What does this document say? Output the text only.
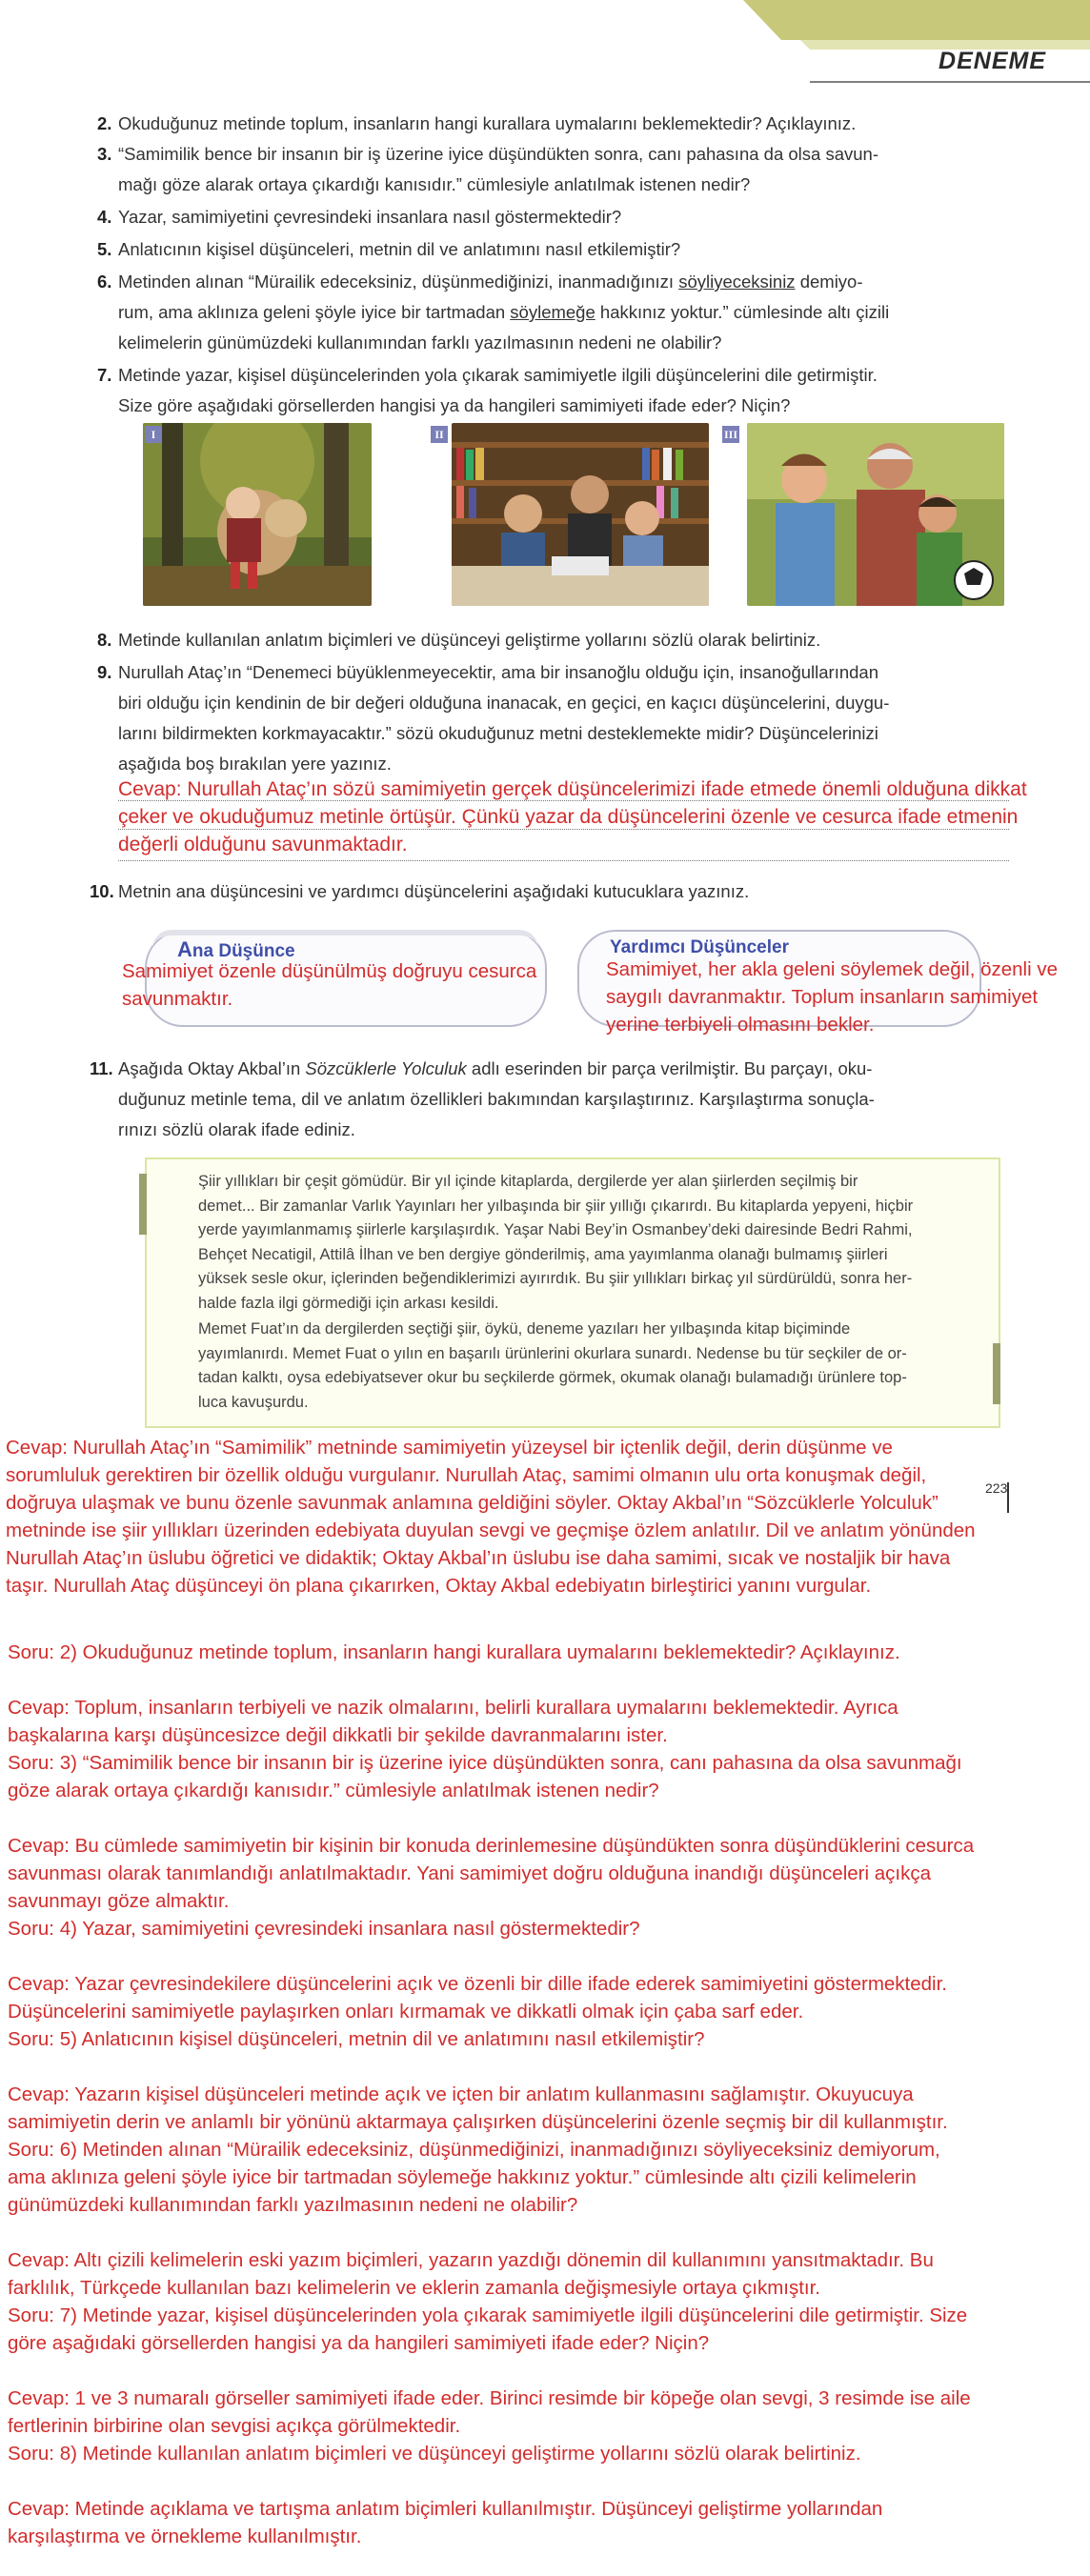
DENEME
2. Okuduğunuz metinde toplum, insanların hangi kurallara uymalarını beklemektedir? Açıklayınız.
3. “Samimilik bence bir insanın bir iş üzerine iyice düşündükten sonra, canı pahasına da olsa savun-
mağı göze alarak ortaya çıkardığı kanısıdır.” cümlesiyle anlatılmak istenen nedir?
4. Yazar, samimiyetini çevresindeki insanlara nasıl göstermektedir?
5. Anlatıcının kişisel düşünceleri, metnin dil ve anlatımını nasıl etkilemiştir?
6. Metinden alınan “Mürailik edeceksiniz, düşünmediğinizi, inanmadığınızı söyliyeceksiniz demiyo-
rum, ama aklınıza geleni şöyle iyice bir tartmadan söylemeğe hakkınız yoktur.” cümlesinde altı çizili
kelimelerin günümüzdeki kullanımından farklı yazılmasının nedeni ne olabilir?
7. Metinde yazar, kişisel düşüncelerinden yola çıkarak samimiyetle ilgili düşüncelerini dile getirmiştir.
Size göre aşağıdaki görsellerden hangisi ya da hangileri samimiyeti ifade eder? Niçin?
I	II	III
8. Metinde kullanılan anlatım biçimleri ve düşünceyi geliştirme yollarını sözlü olarak belirtiniz.
9. Nurullah Ataç’ın “Denemeci büyüklenmeyecektir, ama bir insanoğlu olduğu için, insanoğullarından
biri olduğu için kendinin de bir değeri olduğuna inanacak, en geçici, en kaçıcı düşüncelerini, duygu-
larını bildirmekten korkmayacaktır.” sözü okuduğunuz metni desteklemekte midir? Düşüncelerinizi
aşağıda boş bırakılan yere yazınız.
Cevap: Nurullah Ataç’ın sözü samimiyetin gerçek düşüncelerimizi ifade etmede önemli olduğuna dikkat
çeker ve okuduğumuz metinle örtüşür. Çünkü yazar da düşüncelerini özenle ve cesurca ifade etmenin
değerli olduğunu savunmaktadır.
10. Metnin ana düşüncesini ve yardımcı düşüncelerini aşağıdaki kutucuklara yazınız.
Ana Düşünce
Samimiyet özenle düşünülmüş doğruyu cesurca
savunmaktır.
Yardımcı Düşünceler
Samimiyet, her akla geleni söylemek değil, özenli ve
saygılı davranmaktır. Toplum insanların samimiyet
yerine terbiyeli olmasını bekler.
11. Aşağıda Oktay Akbal’ın Sözcüklerle Yolculuk adlı eserinden bir parça verilmiştir. Bu parçayı, oku-
duğunuz metinle tema, dil ve anlatım özellikleri bakımından karşılaştırınız. Karşılaştırma sonuçla-
rınızı sözlü olarak ifade ediniz.
Şiir yıllıkları bir çeşit gömüdür. Bir yıl içinde kitaplarda, dergilerde yer alan şiirlerden seçilmiş bir
demet... Bir zamanlar Varlık Yayınları her yılbaşında bir şiir yıllığı çıkarırdı. Bu kitaplarda yepyeni, hiçbir
yerde yayımlanmamış şiirlerle karşılaşırdık. Yaşar Nabi Bey’in Osmanbey’deki dairesinde Bedri Rahmi,
Behçet Necatigil, Attilâ İlhan ve ben dergiye gönderilmiş, ama yayımlanma olanağı bulmamış şiirleri
yüksek sesle okur, içlerinden beğendiklerimizi ayırırdık. Bu şiir yıllıkları birkaç yıl sürdürüldü, sonra her-
halde fazla ilgi görmediği için arkası kesildi.
Memet Fuat’ın da dergilerden seçtiği şiir, öykü, deneme yazıları her yılbaşında kitap biçiminde
yayımlanırdı. Memet Fuat o yılın en başarılı ürünlerini okurlara sunardı. Nedense bu tür seçkiler de or-
tadan kalktı, oysa edebiyatsever okur bu seçkilerde görmek, okumak olanağı bulamadığı ürünlere top-
luca kavuşurdu.
223
Cevap: Nurullah Ataç’ın “Samimilik” metninde samimiyetin yüzeysel bir içtenlik değil, derin düşünme ve
sorumluluk gerektiren bir özellik olduğu vurgulanır. Nurullah Ataç, samimi olmanın ulu orta konuşmak değil,
doğruya ulaşmak ve bunu özenle savunmak anlamına geldiğini söyler. Oktay Akbal’ın “Sözcüklerle Yolculuk”
metninde ise şiir yıllıkları üzerinden edebiyata duyulan sevgi ve geçmişe özlem anlatılır. Dil ve anlatım yönünden
Nurullah Ataç’ın üslubu öğretici ve didaktik; Oktay Akbal’ın üslubu ise daha samimi, sıcak ve nostaljik bir hava
taşır. Nurullah Ataç düşünceyi ön plana çıkarırken, Oktay Akbal edebiyatın birleştirici yanını vurgular.
Soru: 2) Okuduğunuz metinde toplum, insanların hangi kurallara uymalarını beklemektedir? Açıklayınız.
Cevap: Toplum, insanların terbiyeli ve nazik olmalarını, belirli kurallara uymalarını beklemektedir. Ayrıca
başkalarına karşı düşüncesizce değil dikkatli bir şekilde davranmalarını ister.
Soru: 3) “Samimilik bence bir insanın bir iş üzerine iyice düşündükten sonra, canı pahasına da olsa savunmağı
göze alarak ortaya çıkardığı kanısıdır.” cümlesiyle anlatılmak istenen nedir?
Cevap: Bu cümlede samimiyetin bir kişinin bir konuda derinlemesine düşündükten sonra düşündüklerini cesurca
savunması olarak tanımlandığı anlatılmaktadır. Yani samimiyet doğru olduğuna inandığı düşünceleri açıkça
savunmayı göze almaktır.
Soru: 4) Yazar, samimiyetini çevresindeki insanlara nasıl göstermektedir?
Cevap: Yazar çevresindekilere düşüncelerini açık ve özenli bir dille ifade ederek samimiyetini göstermektedir.
Düşüncelerini samimiyetle paylaşırken onları kırmamak ve dikkatli olmak için çaba sarf eder.
Soru: 5) Anlatıcının kişisel düşünceleri, metnin dil ve anlatımını nasıl etkilemiştir?
Cevap: Yazarın kişisel düşünceleri metinde açık ve içten bir anlatım kullanmasını sağlamıştır. Okuyucuya
samimiyetin derin ve anlamlı bir yönünü aktarmaya çalışırken düşüncelerini özenle seçmiş bir dil kullanmıştır.
Soru: 6) Metinden alınan “Mürailik edeceksiniz, düşünmediğinizi, inanmadığınızı söyliyeceksiniz demiyorum,
ama aklınıza geleni şöyle iyice bir tartmadan söylemeğe hakkınız yoktur.” cümlesinde altı çizili kelimelerin
günümüzdeki kullanımından farklı yazılmasının nedeni ne olabilir?
Cevap: Altı çizili kelimelerin eski yazım biçimleri, yazarın yazdığı dönemin dil kullanımını yansıtmaktadır. Bu
farklılık, Türkçede kullanılan bazı kelimelerin ve eklerin zamanla değişmesiyle ortaya çıkmıştır.
Soru: 7) Metinde yazar, kişisel düşüncelerinden yola çıkarak samimiyetle ilgili düşüncelerini dile getirmiştir. Size
göre aşağıdaki görsellerden hangisi ya da hangileri samimiyeti ifade eder? Niçin?
Cevap: 1 ve 3 numaralı görseller samimiyeti ifade eder. Birinci resimde bir köpeğe olan sevgi, 3 resimde ise aile
fertlerinin birbirine olan sevgisi açıkça görülmektedir.
Soru: 8) Metinde kullanılan anlatım biçimleri ve düşünceyi geliştirme yollarını sözlü olarak belirtiniz.
Cevap: Metinde açıklama ve tartışma anlatım biçimleri kullanılmıştır. Düşünceyi geliştirme yollarından
karşılaştırma ve örnekleme kullanılmıştır.
